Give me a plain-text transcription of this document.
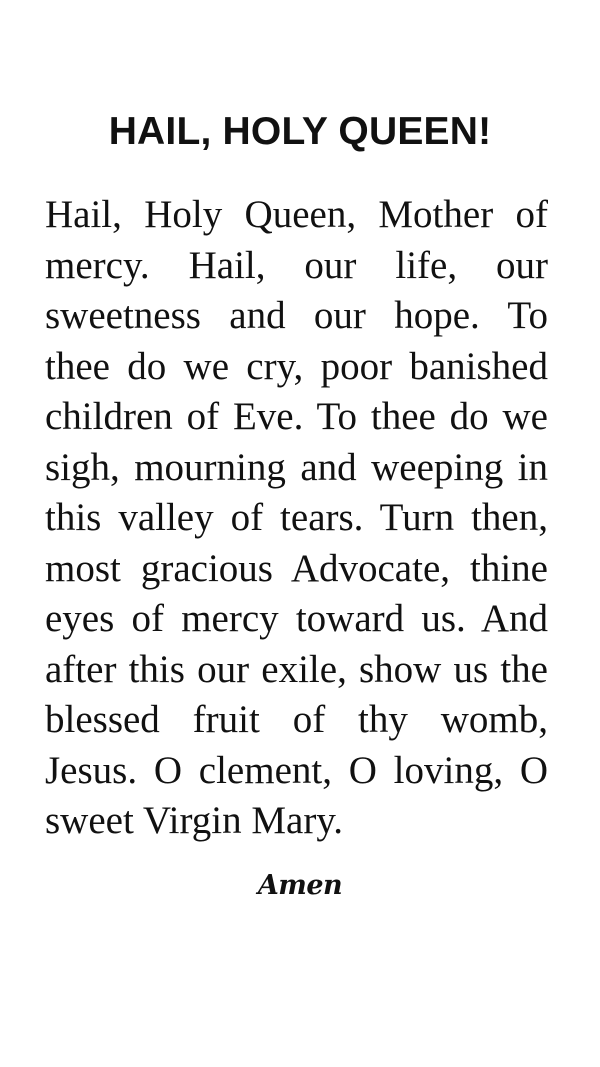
HAIL, HOLY QUEEN!
Hail, Holy Queen, Mother of
mercy. Hail, our life, our
sweetness and our hope. To
thee do we cry, poor banished
children of Eve. To thee do we
sigh, mourning and weeping in
this valley of tears. Turn then,
most gracious Advocate, thine
eyes of mercy toward us. And
after this our exile, show us the
blessed fruit of thy womb,
Jesus. O clement, O loving, O
sweet Virgin Mary.
Amen
